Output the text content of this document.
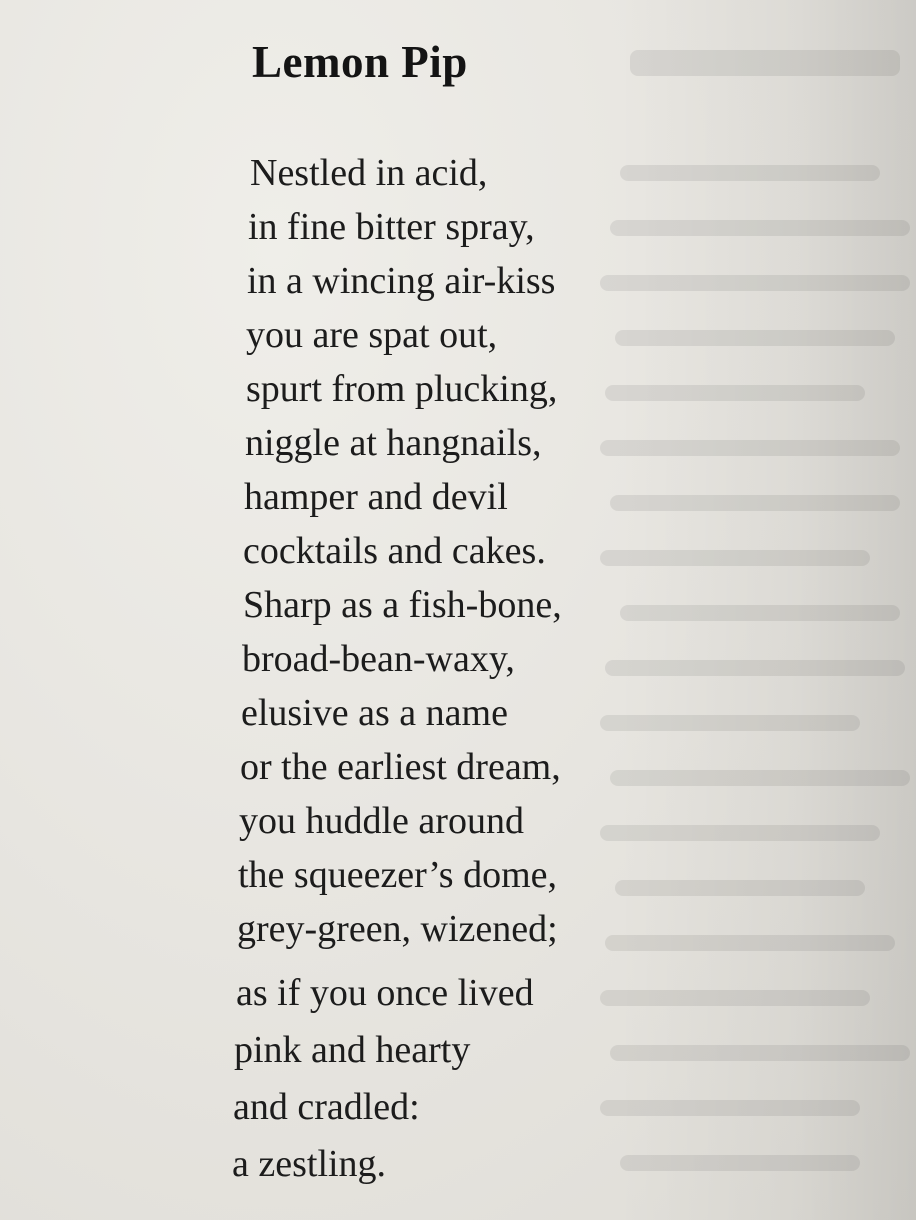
Lemon Pip
Nestled in acid,
in fine bitter spray,
in a wincing air-kiss
you are spat out,
spurt from plucking,
niggle at hangnails,
hamper and devil
cocktails and cakes.
Sharp as a fish-bone,
broad-bean-waxy,
elusive as a name
or the earliest dream,
you huddle around
the squeezer’s dome,
grey-green, wizened;
as if you once lived
pink and hearty
and cradled:
a zestling.
